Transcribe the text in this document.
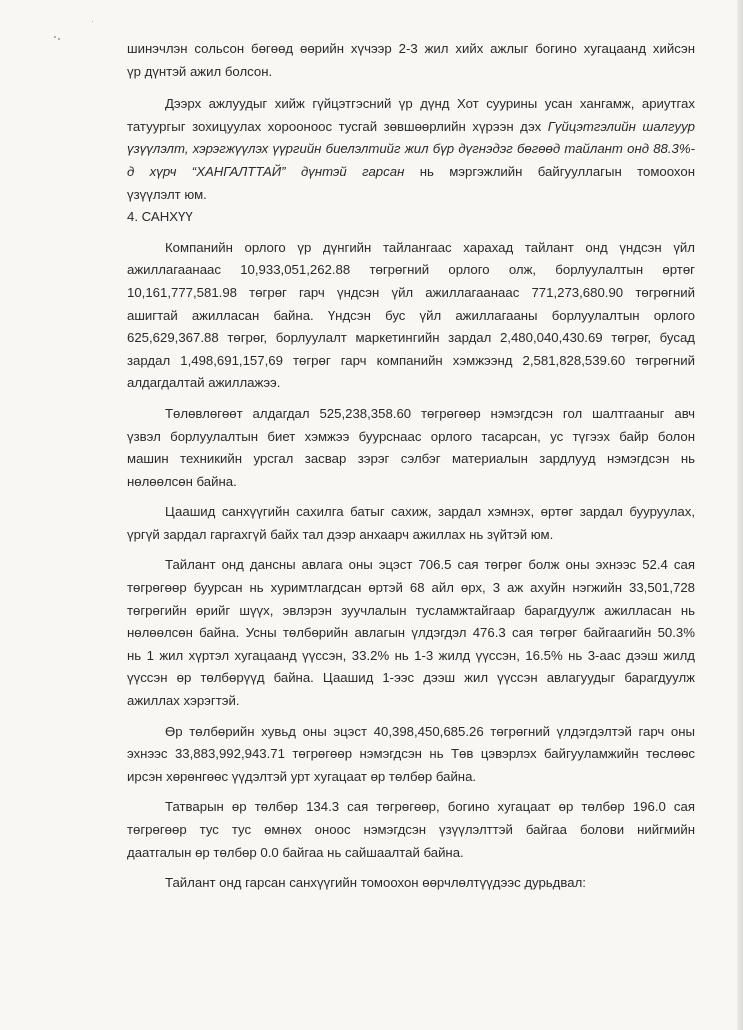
шинэчлэн сольсон бөгөөд өөрийн хүчээр 2-3 жил хийх ажлыг богино хугацаанд хийсэн
үр дүнтэй ажил болсон.

Дээрх ажлуудыг хийж гүйцэтгэсний үр дүнд Хот суурины усан хангамж, ариутгах
татуургыг зохицуулах хорооноос тусгай зөвшөөрлийн хүрээн дэх Гүйцэтгэлийн шалгуур
үзүүлэлт, хэрэгжүүлэх үүргийн биелэлтийг жил бүр дүгнэдэг бөгөөд тайлант онд 88.3%-
д хүрч “ХАНГАЛТТАЙ” дүнтэй гарсан нь мэргэжлийн байгууллагын томоохон
үзүүлэлт юм.

4. САНХҮҮ

Компанийн орлого үр дүнгийн тайлангаас харахад тайлант онд үндсэн үйл
ажиллагаанаас 10,933,051,262.88 төгрөгний орлого олж, борлуулалтын өртөг
10,161,777,581.98 төгрөг гарч үндсэн үйл ажиллагаанаас 771,273,680.90 төгрөгний
ашигтай ажилласан байна. Үндсэн бус үйл ажиллагааны борлуулалтын орлого
625,629,367.88 төгрөг, борлуулалт маркетингийн зардал 2,480,040,430.69 төгрөг, бусад
зардал 1,498,691,157,69 төгрөг гарч компанийн хэмжээнд 2,581,828,539.60 төгрөгний
алдагдалтай ажиллажээ.

Төлөвлөгөөт алдагдал 525,238,358.60 төгрөгөөр нэмэгдсэн гол шалтгааныг авч
үзвэл борлуулалтын биет хэмжээ буурснаас орлого тасарсан, ус түгээх байр болон
машин техникийн урсгал засвар зэрэг сэлбэг материалын зардлууд нэмэгдсэн нь
нөлөөлсөн байна.

Цаашид санхүүгийн сахилга батыг сахиж, зардал хэмнэх, өртөг зардал бууруулах,
үргүй зардал гаргахгүй байх тал дээр анхаарч ажиллах нь зүйтэй юм.

Тайлант онд дансны авлага оны эцэст 706.5 сая төгрөг болж оны эхнээс 52.4 сая
төгрөгөөр буурсан нь хуримтлагдсан өртэй 68 айл өрх, 3 аж ахуйн нэгжийн 33,501,728
төгрөгийн өрийг шүүх, эвлэрэн зуучлалын тусламжтайгаар барагдуулж ажилласан нь
нөлөөлсөн байна. Усны төлбөрийн авлагын үлдэгдэл 476.3 сая төгрөг байгаагийн 50.3%
нь 1 жил хүртэл хугацаанд үүссэн, 33.2% нь 1-3 жилд үүссэн, 16.5% нь 3-аас дээш жилд
үүссэн өр төлбөрүүд байна. Цаашид 1-ээс дээш жил үүссэн авлагуудыг барагдуулж
ажиллах хэрэгтэй.

Өр төлбөрийн хувьд оны эцэст 40,398,450,685.26 төгрөгний үлдэгдэлтэй гарч оны
эхнээс 33,883,992,943.71 төгрөгөөр нэмэгдсэн нь Төв цэвэрлэх байгууламжийн төслөөс
ирсэн хөрөнгөөс үүдэлтэй урт хугацаат өр төлбөр байна.

Татварын өр төлбөр 134.3 сая төгрөгөөр, богино хугацаат өр төлбөр 196.0 сая
төгрөгөөр тус тус өмнөх оноос нэмэгдсэн үзүүлэлттэй байгаа болови нийгмийн
даатгалын өр төлбөр 0.0 байгаа нь сайшаалтай байна.

Тайлант онд гарсан санхүүгийн томоохон өөрчлөлтүүдээс дурьдвал:
